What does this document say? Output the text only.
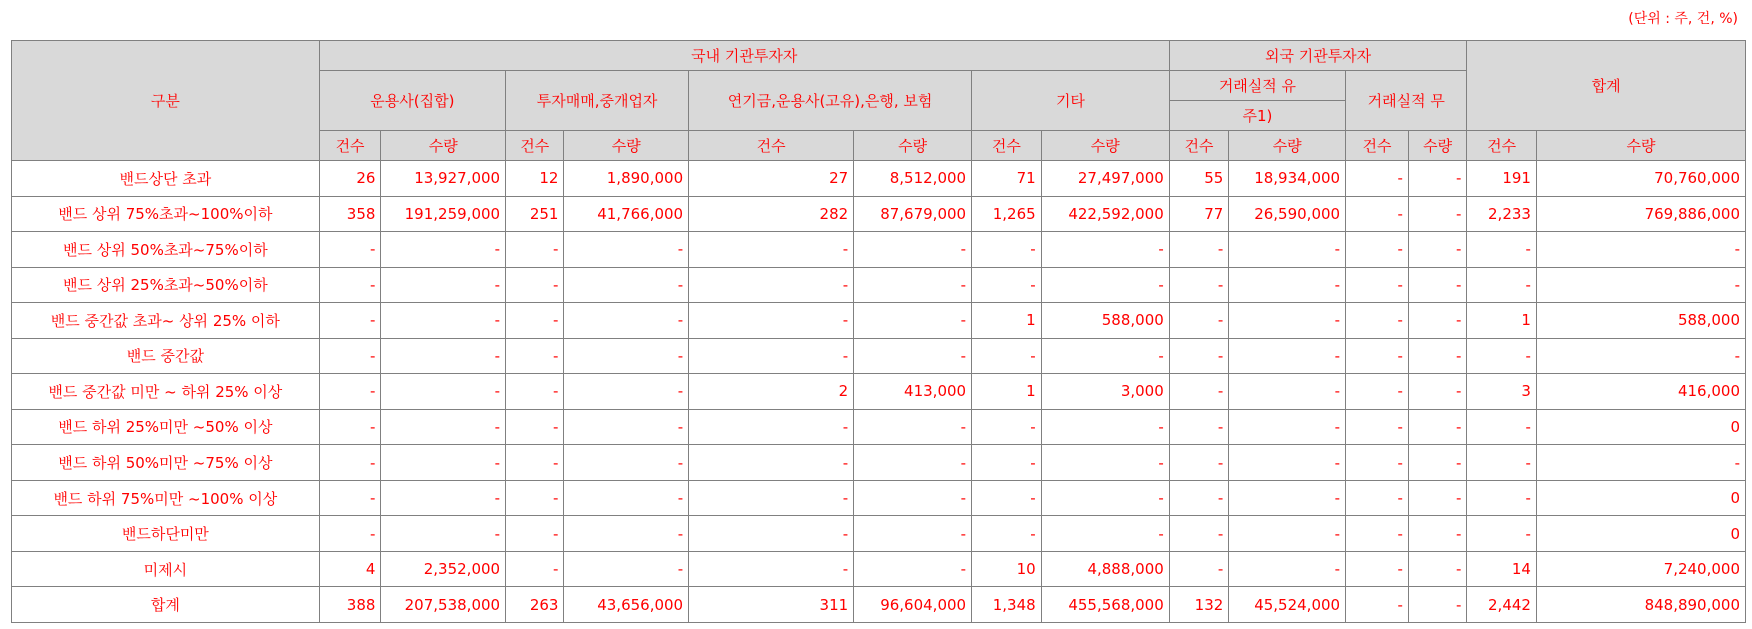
(단위 : 주, 건, %)
구분	국내 기관투자자								외국 기관투자자				합계	
	운용사(집합)		투자매매,중개업자		연기금,운용사(고유),은행, 보험		기타		거래실적 유		거래실적 무			
									주1)					
	건수	수량	건수	수량	건수	수량	건수	수량	건수	수량	건수	수량	건수	수량
밴드상단 초과	26	13,927,000	12	1,890,000	27	8,512,000	71	27,497,000	55	18,934,000	-	-	191	70,760,000
밴드 상위 75%초과~100%이하	358	191,259,000	251	41,766,000	282	87,679,000	1,265	422,592,000	77	26,590,000	-	-	2,233	769,886,000
밴드 상위 50%초과~75%이하	-	-	-	-	-	-	-	-	-	-	-	-	-	-
밴드 상위 25%초과~50%이하	-	-	-	-	-	-	-	-	-	-	-	-	-	-
밴드 중간값 초과~ 상위 25% 이하	-	-	-	-	-	-	1	588,000	-	-	-	-	1	588,000
밴드 중간값	-	-	-	-	-	-	-	-	-	-	-	-	-	-
밴드 중간값 미만 ~ 하위 25% 이상	-	-	-	-	2	413,000	1	3,000	-	-	-	-	3	416,000
밴드 하위 25%미만 ~50% 이상	-	-	-	-	-	-	-	-	-	-	-	-	-	0
밴드 하위 50%미만 ~75% 이상	-	-	-	-	-	-	-	-	-	-	-	-	-	-
밴드 하위 75%미만 ~100% 이상	-	-	-	-	-	-	-	-	-	-	-	-	-	0
밴드하단미만	-	-	-	-	-	-	-	-	-	-	-	-	-	0
미제시	4	2,352,000	-	-	-	-	10	4,888,000	-	-	-	-	14	7,240,000
합계	388	207,538,000	263	43,656,000	311	96,604,000	1,348	455,568,000	132	45,524,000	-	-	2,442	848,890,000
